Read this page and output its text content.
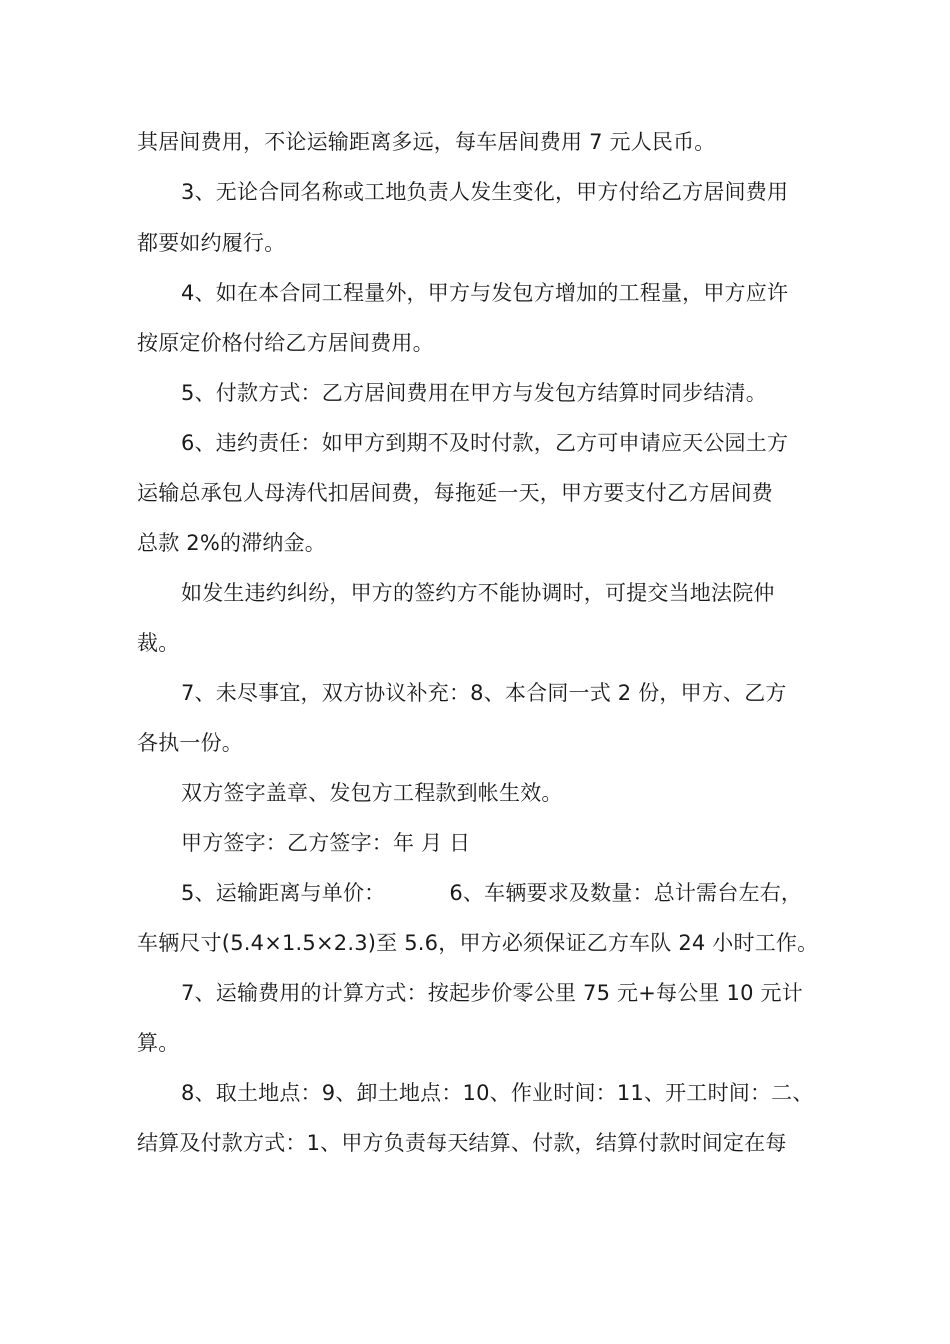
其居间费用，不论运输距离多远，每车居间费用 7 元人民币。
3、无论合同名称或工地负责人发生变化，甲方付给乙方居间费用
都要如约履行。
4、如在本合同工程量外，甲方与发包方增加的工程量，甲方应许
按原定价格付给乙方居间费用。
5、付款方式：乙方居间费用在甲方与发包方结算时同步结清。
6、违约责任：如甲方到期不及时付款，乙方可申请应天公园土方
运输总承包人母涛代扣居间费，每拖延一天，甲方要支付乙方居间费
总款 2%的滞纳金。
如发生违约纠纷，甲方的签约方不能协调时，可提交当地法院仲
裁。
7、未尽事宜，双方协议补充：8、本合同一式 2 份，甲方、乙方
各执一份。
双方签字盖章、发包方工程款到帐生效。
甲方签字：乙方签字：年 月 日
5、运输距离与单价：	6、车辆要求及数量：总计需台左右，
车辆尺寸(5.4×1.5×2.3)至 5.6，甲方必须保证乙方车队 24 小时工作。
7、运输费用的计算方式：按起步价零公里 75 元+每公里 10 元计
算。
8、取土地点：9、卸土地点：10、作业时间：11、开工时间：二、
结算及付款方式：1、甲方负责每天结算、付款，结算付款时间定在每
